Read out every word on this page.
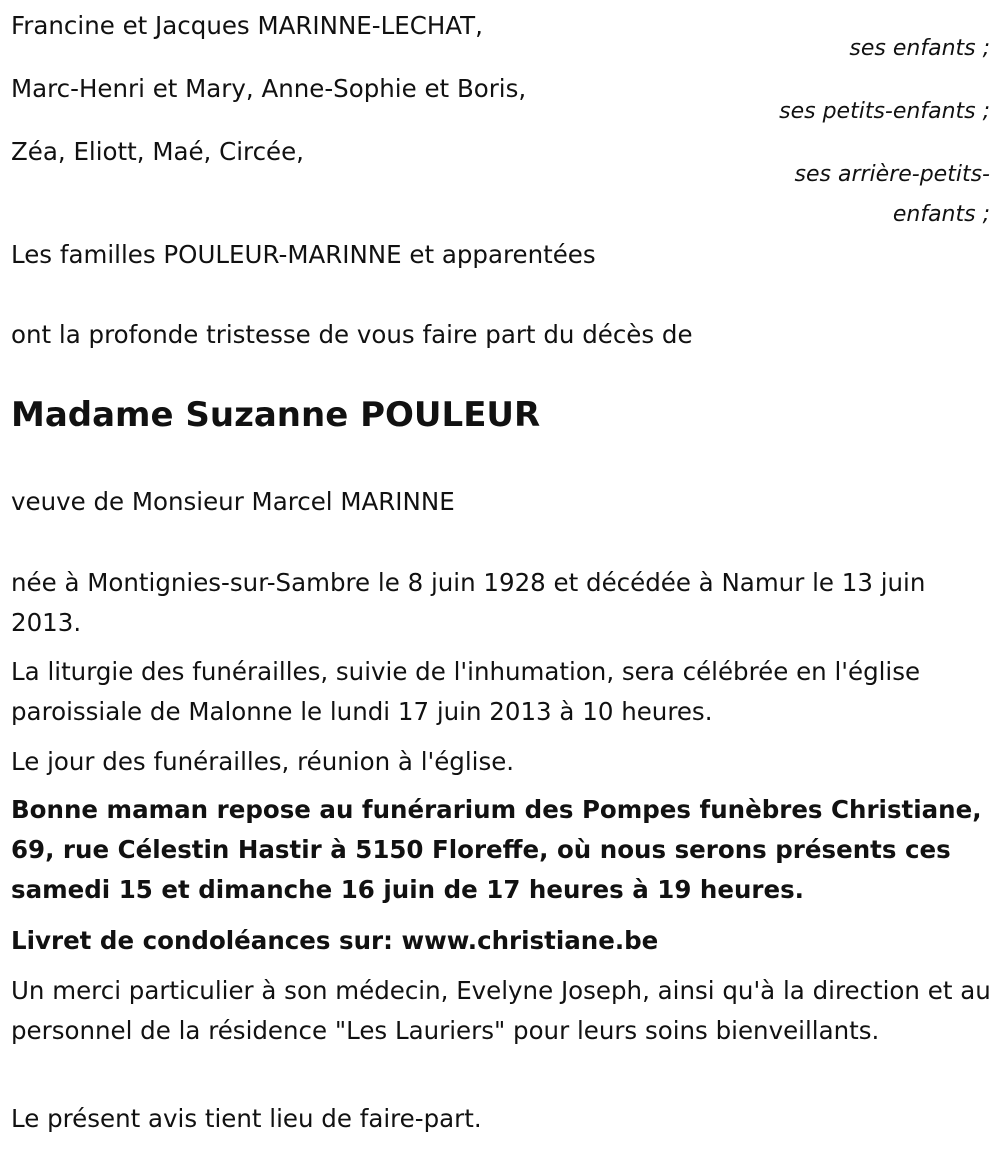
Francine et Jacques MARINNE-LECHAT,
ses enfants ;
Marc-Henri et Mary, Anne-Sophie et Boris,
ses petits-enfants ;
Zéa, Eliott, Maé, Circée,
ses arrière-petits-
enfants ;
Les familles POULEUR-MARINNE et apparentées
ont la profonde tristesse de vous faire part du décès de
Madame Suzanne POULEUR
veuve de Monsieur Marcel MARINNE
née à Montignies-sur-Sambre le 8 juin 1928 et décédée à Namur le 13 juin 2013.
La liturgie des funérailles, suivie de l'inhumation, sera célébrée en l'église paroissiale de Malonne le lundi 17 juin 2013 à 10 heures.
Le jour des funérailles, réunion à l'église.
Bonne maman repose au funérarium des Pompes funèbres Christiane, 69, rue Célestin Hastir à 5150 Floreffe, où nous serons présents ces samedi 15 et dimanche 16 juin de 17 heures à 19 heures.
Livret de condoléances sur: www.christiane.be
Un merci particulier à son médecin, Evelyne Joseph, ainsi qu'à la direction et au personnel de la résidence "Les Lauriers" pour leurs soins bienveillants.
Le présent avis tient lieu de faire-part.
